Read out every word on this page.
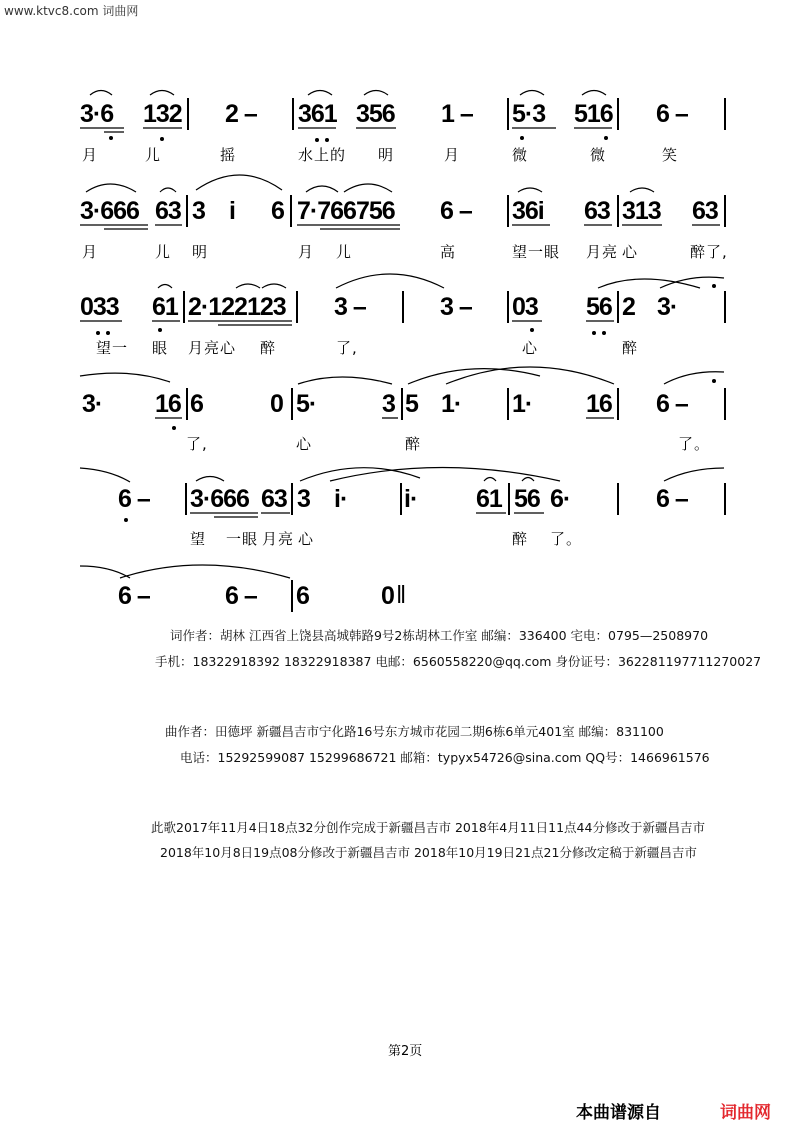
www.ktvc8.com 词曲网
3·6 132 2 – 361 356 1 – 5·3 516 6 –
月	儿	摇	水上的 明	月	微	微	笑
3·666 63 3 i 6 7·766756 6 – 36i 63 313 63
月	儿 明	月 儿	高	望一眼 月亮 心	醉了,
033 61 2·122123 3 –	3 – 03 56 2 3·
望一 眼 月亮心 醉	了,	心	醉
3· 16 6	0 5·	3 5 1· 1· 16 6 –
了,	心	醉	了。
6 – 3·666 63 3 i· i· 61 56 6·	6 –
望 一眼 月亮 心	醉 了。
6 –	6 – 6	0 ‖
词作者：胡林 江西省上饶县高城韩路9号2栋胡林工作室 邮编：336400 宅电：0795—2508970
手机：18322918392 18322918387 电邮：6560558220@qq.com 身份证号：362281197711270027
曲作者：田德坪 新疆昌吉市宁化路16号东方城市花园二期6栋6单元401室 邮编：831100
电话：15292599087 15299686721 邮箱：typyx54726@sina.com QQ号：1466961576
此歌2017年11月4日18点32分创作完成于新疆昌吉市 2018年4月11日11点44分修改于新疆昌吉市
2018年10月8日19点08分修改于新疆昌吉市 2018年10月19日21点21分修改定稿于新疆昌吉市
第2页
本曲谱源自	词曲网
